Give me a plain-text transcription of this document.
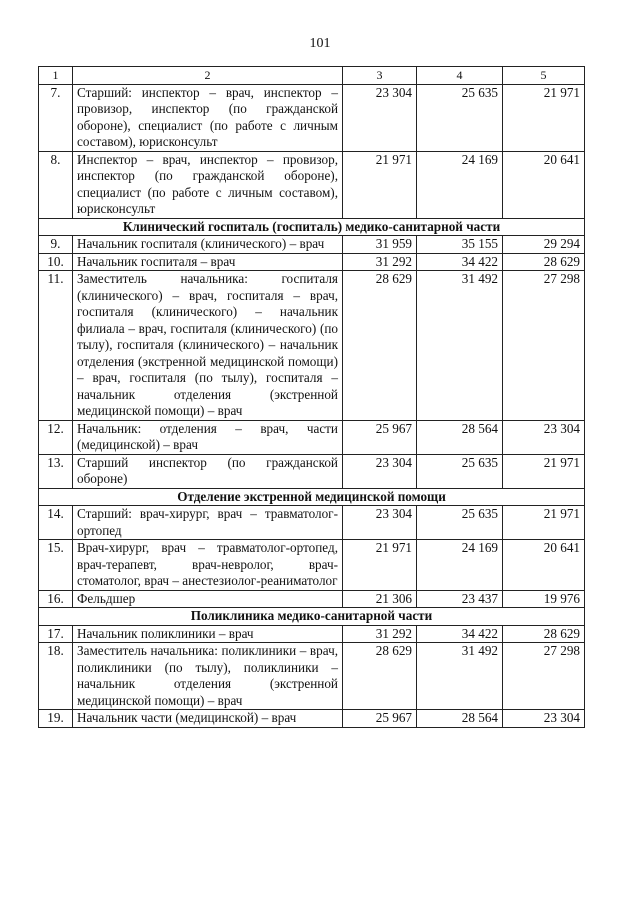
101
1	2	3	4	5
7.	Старший: инспектор – врач, инспектор – провизор, инспектор (по гражданской обороне), специалист (по работе с личным составом), юрисконсульт	23 304	25 635	21 971
8.	Инспектор – врач, инспектор – провизор, инспектор (по гражданской обороне), специалист (по работе с личным составом), юрисконсульт	21 971	24 169	20 641
Клинический госпиталь (госпиталь) медико-санитарной части				
9.	Начальник госпиталя (клинического) – врач	31 959	35 155	29 294
10.	Начальник госпиталя – врач	31 292	34 422	28 629
11.	Заместитель начальника: госпиталя (клинического) – врач, госпиталя – врач, госпиталя (клинического) – начальник филиала – врач, госпиталя (клинического) (по тылу), госпиталя (клинического) – начальник отделения (экстренной медицинской помощи) – врач, госпиталя (по тылу), госпиталя – начальник отделения (экстренной медицинской помощи) – врач	28 629	31 492	27 298
12.	Начальник: отделения – врач, части (медицинской) – врач	25 967	28 564	23 304
13.	Старший инспектор (по гражданской обороне)	23 304	25 635	21 971
Отделение экстренной медицинской помощи				
14.	Старший: врач-хирург, врач – травматолог-ортопед	23 304	25 635	21 971
15.	Врач-хирург, врач – травматолог-ортопед, врач-терапевт, врач-невролог, врач-стоматолог, врач – анестезиолог-реаниматолог	21 971	24 169	20 641
16.	Фельдшер	21 306	23 437	19 976
Поликлиника медико-санитарной части				
17.	Начальник поликлиники – врач	31 292	34 422	28 629
18.	Заместитель начальника: поликлиники – врач, поликлиники (по тылу), поликлиники – начальник отделения (экстренной медицинской помощи) – врач	28 629	31 492	27 298
19.	Начальник части (медицинской) – врач	25 967	28 564	23 304
